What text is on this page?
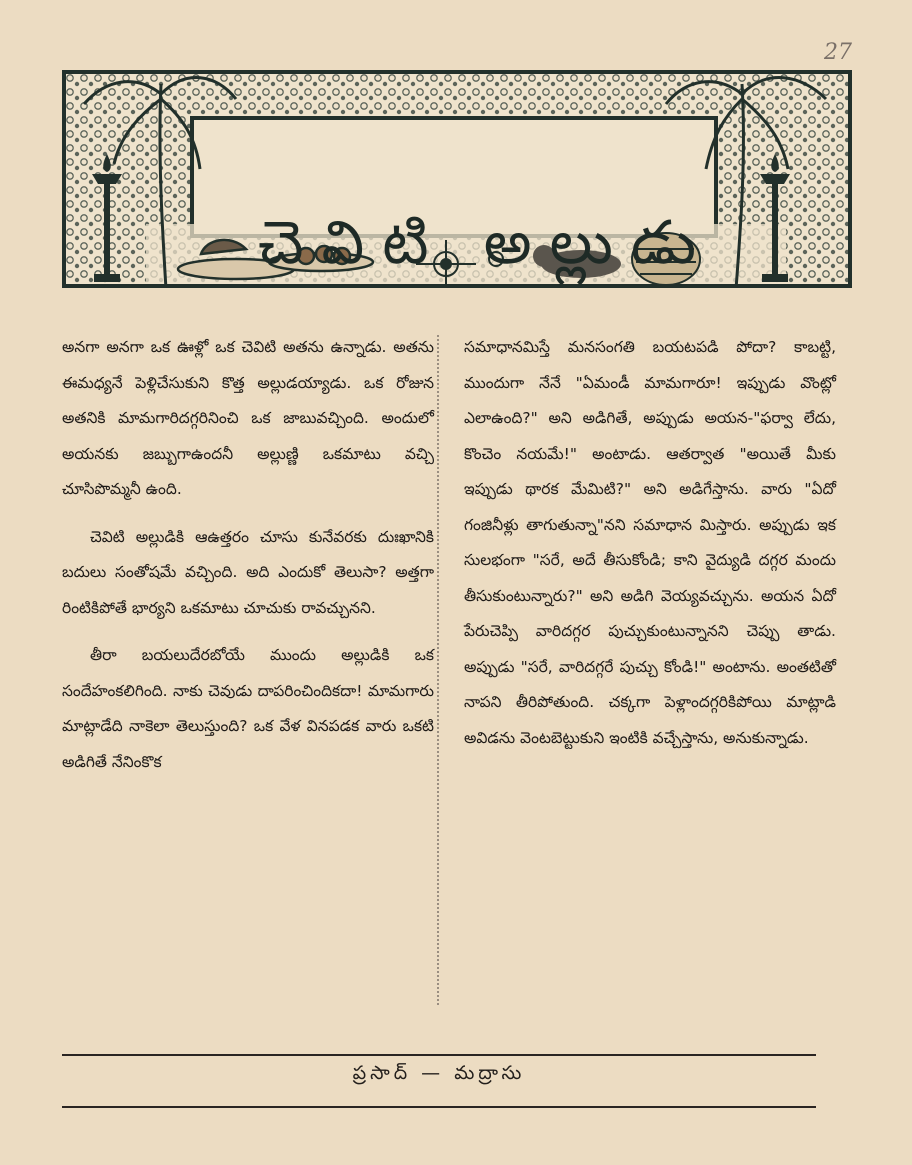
27
చెవిటి అల్లుడు

అనగా అనగా ఒక ఊళ్లో ఒక చెవిటి అతను ఉన్నాడు. అతను ఈమధ్యనే పెళ్లిచేసుకుని కొత్త అల్లుడయ్యాడు. ఒక రోజున అతనికి మామగారిదగ్గరినించి ఒక జాబువచ్చింది. అందులో అయనకు జబ్బుగాఉందనీ అల్లుణ్ణి ఒకమాటు వచ్చి చూసిపొమ్మనీ ఉంది.

చెవిటి అల్లుడికి ఆఉత్తరం చూసు కునేవరకు దుఃఖానికి బదులు సంతోషమే వచ్చింది. అది ఎందుకో తెలుసా? అత్తగా రింటికిపోతే భార్యని ఒకమాటు చూచుకు రావచ్చునని.

తీరా బయలుదేరబోయే ముందు అల్లుడికి ఒక సందేహంకలిగింది. నాకు చెవుడు దాపరించిందికదా! మామగారు మాట్లాడేది నాకెలా తెలుస్తుంది? ఒక వేళ వినపడక వారు ఒకటి అడిగితే నేనింకొక

సమాధానమిస్తే మనసంగతి బయటపడి పోదా? కాబట్టి, ముందుగా నేనే "ఏమండీ మామగారూ! ఇప్పుడు వొంట్లో ఎలాఉంది?" అని అడిగితే, అప్పుడు అయన-"ఫర్వా లేదు, కొంచెం నయమే!" అంటాడు. ఆతర్వాత "అయితే మీకు ఇప్పుడు థారక మేమిటి?" అని అడిగేస్తాను. వారు "ఏదో గంజినీళ్లు తాగుతున్నా"నని సమాధాన మిస్తారు. అప్పుడు ఇక సులభంగా "సరే, అదే తీసుకోండి; కాని వైద్యుడి దగ్గర మందు తీసుకుంటున్నారు?" అని అడిగి వెయ్యవచ్చును. అయన ఏదో పేరుచెప్పి వారిదగ్గర పుచ్చుకుంటున్నానని చెప్పు తాడు. అప్పుడు "సరే, వారిదగ్గరే పుచ్చు కోండి!" అంటాను. అంతటితో నాపని తీరిపోతుంది. చక్కగా పెళ్లాందగ్గరికిపోయి మాట్లాడి అవిడను వెంటబెట్టుకుని ఇంటికి వచ్చేస్తాను, అనుకున్నాడు.

ప్రసాద్ — మద్రాసు
